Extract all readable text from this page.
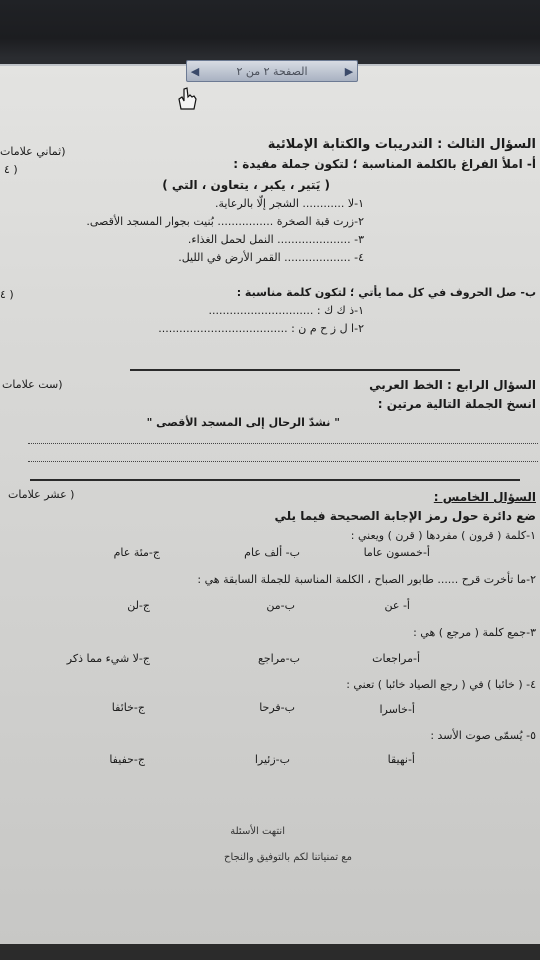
◀	الصفحة ٢ من ٢	▶
السؤال الثالث : التدريبات والكتابة الإملائية
(ثماني علامات
( ٤	أ- املأ الفراغ بالكلمة المناسبة ؛ لتكون جملة مفيدة :
( يَتير ، يكبر ، يتعاون ، التي )
١-لا ............ الشجر إلّا بالرعاية.
٢-زرت قبة الصخرة ................ بُنيت بجوار المسجد الأقصى.
٣- ..................... النمل لحمل الغذاء.
٤- ................... القمر الأرض في الليل.
ب- صل الحروف في كل مما يأتي ؛ لتكون كلمة مناسبة :
( ٤
١-ذ ك ك : ..............................
٢-ا ل ز ح م ن : .....................................
السؤال الرابع : الخط العربي
(ست علامات
انسخ الجملة التالية مرتين :
" نشدّ الرحال إلى المسجد الأقصى "
السؤال الخامس :
( عشر علامات
ضع دائرة حول رمز الإجابة الصحيحة فيما يلي
١-كلمة ( قرون ) مفردها ( قرن ) ويعني :
أ-خمسون عاما
ب- ألف عام
ج-مئة عام
٢-ما تأخرت قرح ...... طابور الصباح ، الكلمة المناسبة للجملة السابقة هي :
أ- عن
ب-من
ج-لن
٣-جمع كلمة ( مرجع ) هي :
أ-مراجعات
ب-مراجع
ج-لا شيء مما ذكر
٤- ( خائبا ) في ( رجع الصياد خائبا ) تعني :
أ-خاسرا
ب-فرحا
ج-خائفا
٥- يُسمّى صوت الأسد :
أ-نهيقا
ب-زئيرا
ج-حفيفا
انتهت الأسئلة
مع تمنياتنا لكم بالتوفيق والنجاح
